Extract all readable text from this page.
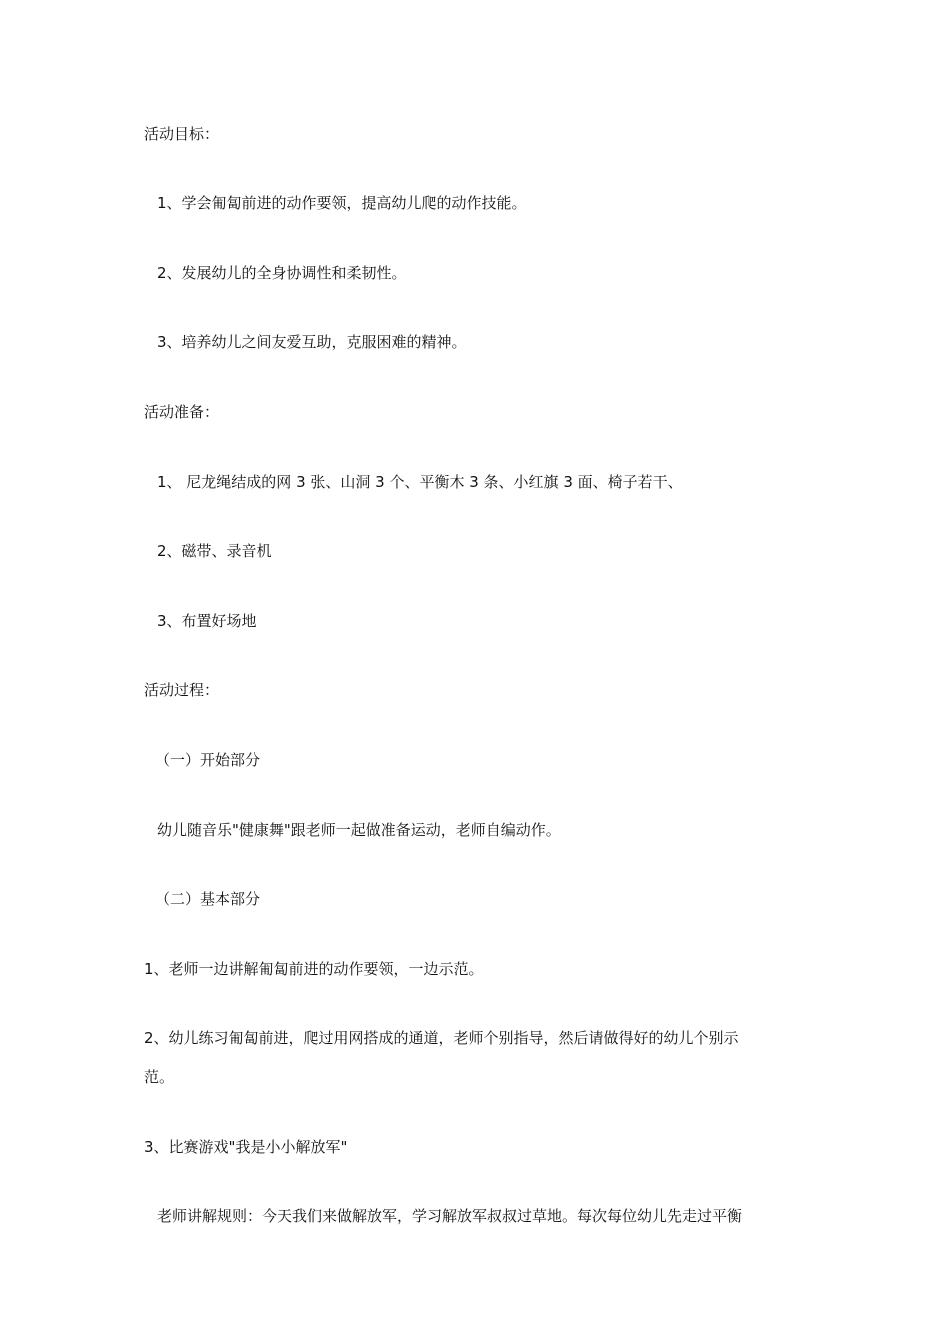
活动目标：
1、学会匍匐前进的动作要领，提高幼儿爬的动作技能。
2、发展幼儿的全身协调性和柔韧性。
3、培养幼儿之间友爱互助，克服困难的精神。
活动准备：
1、 尼龙绳结成的网 3 张、山洞 3 个、平衡木 3 条、小红旗 3 面、椅子若干、
2、磁带、录音机
3、布置好场地
活动过程：
（一）开始部分
幼儿随音乐"健康舞"跟老师一起做准备运动，老师自编动作。
（二）基本部分
1、老师一边讲解匍匐前进的动作要领，一边示范。
2、幼儿练习匍匐前进，爬过用网搭成的通道，老师个别指导，然后请做得好的幼儿个别示
范。
3、比赛游戏"我是小小解放军"
老师讲解规则：今天我们来做解放军，学习解放军叔叔过草地。每次每位幼儿先走过平衡
